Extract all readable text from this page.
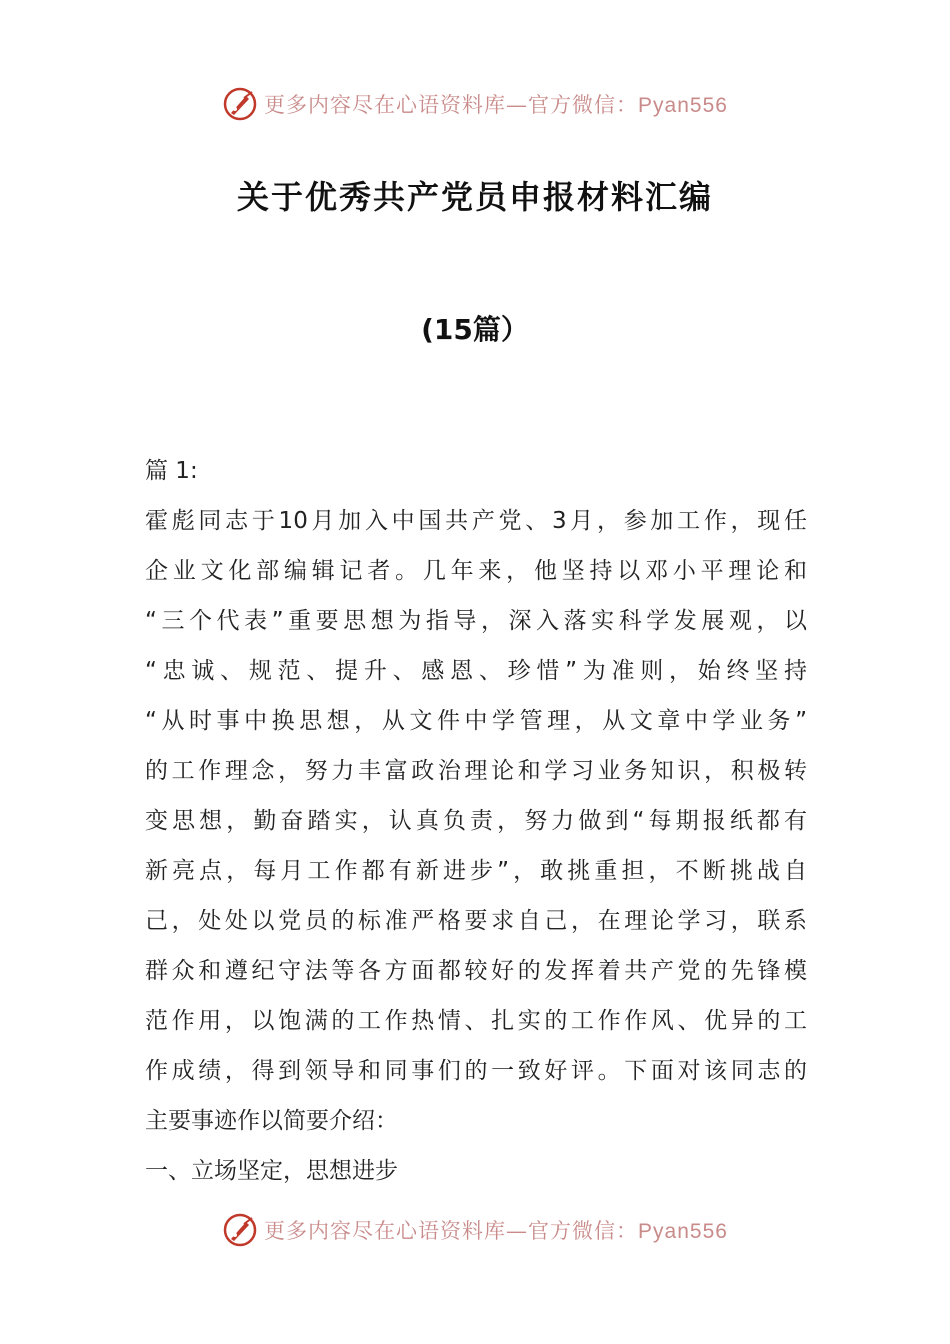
更多内容尽在心语资料库—官方微信：Pyan556
关于优秀共产党员申报材料汇编
(15篇）
篇 1:
霍彪同志于10月加入中国共产党、3月，参加工作，现任
企业文化部编辑记者。几年来，他坚持以邓小平理论和
“三个代表”重要思想为指导，深入落实科学发展观，以
“忠诚、规范、提升、感恩、珍惜”为准则，始终坚持
“从时事中换思想，从文件中学管理，从文章中学业务”
的工作理念，努力丰富政治理论和学习业务知识，积极转
变思想，勤奋踏实，认真负责，努力做到“每期报纸都有
新亮点，每月工作都有新进步”，敢挑重担，不断挑战自
己，处处以党员的标准严格要求自己，在理论学习，联系
群众和遵纪守法等各方面都较好的发挥着共产党的先锋模
范作用，以饱满的工作热情、扎实的工作作风、优异的工
作成绩，得到领导和同事们的一致好评。下面对该同志的
主要事迹作以简要介绍：
一、立场坚定，思想进步
更多内容尽在心语资料库—官方微信：Pyan556
